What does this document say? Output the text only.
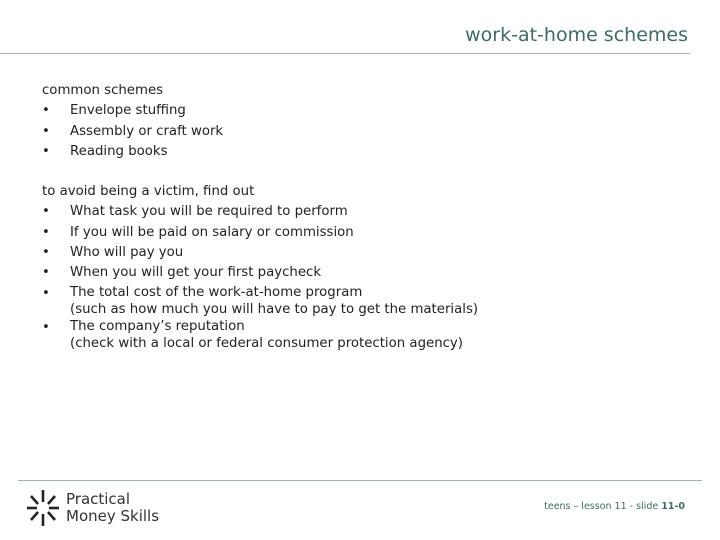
work-at-home schemes
common schemes
• Envelope stuffing
• Assembly or craft work
• Reading books
to avoid being a victim, find out
• What task you will be required to perform
• If you will be paid on salary or commission
• Who will pay you
• When you will get your first paycheck
• The total cost of the work-at-home program
(such as how much you will have to pay to get the materials)
• The company’s reputation
(check with a local or federal consumer protection agency)
Practical
Money Skills
teens – lesson 11 - slide 11-0
